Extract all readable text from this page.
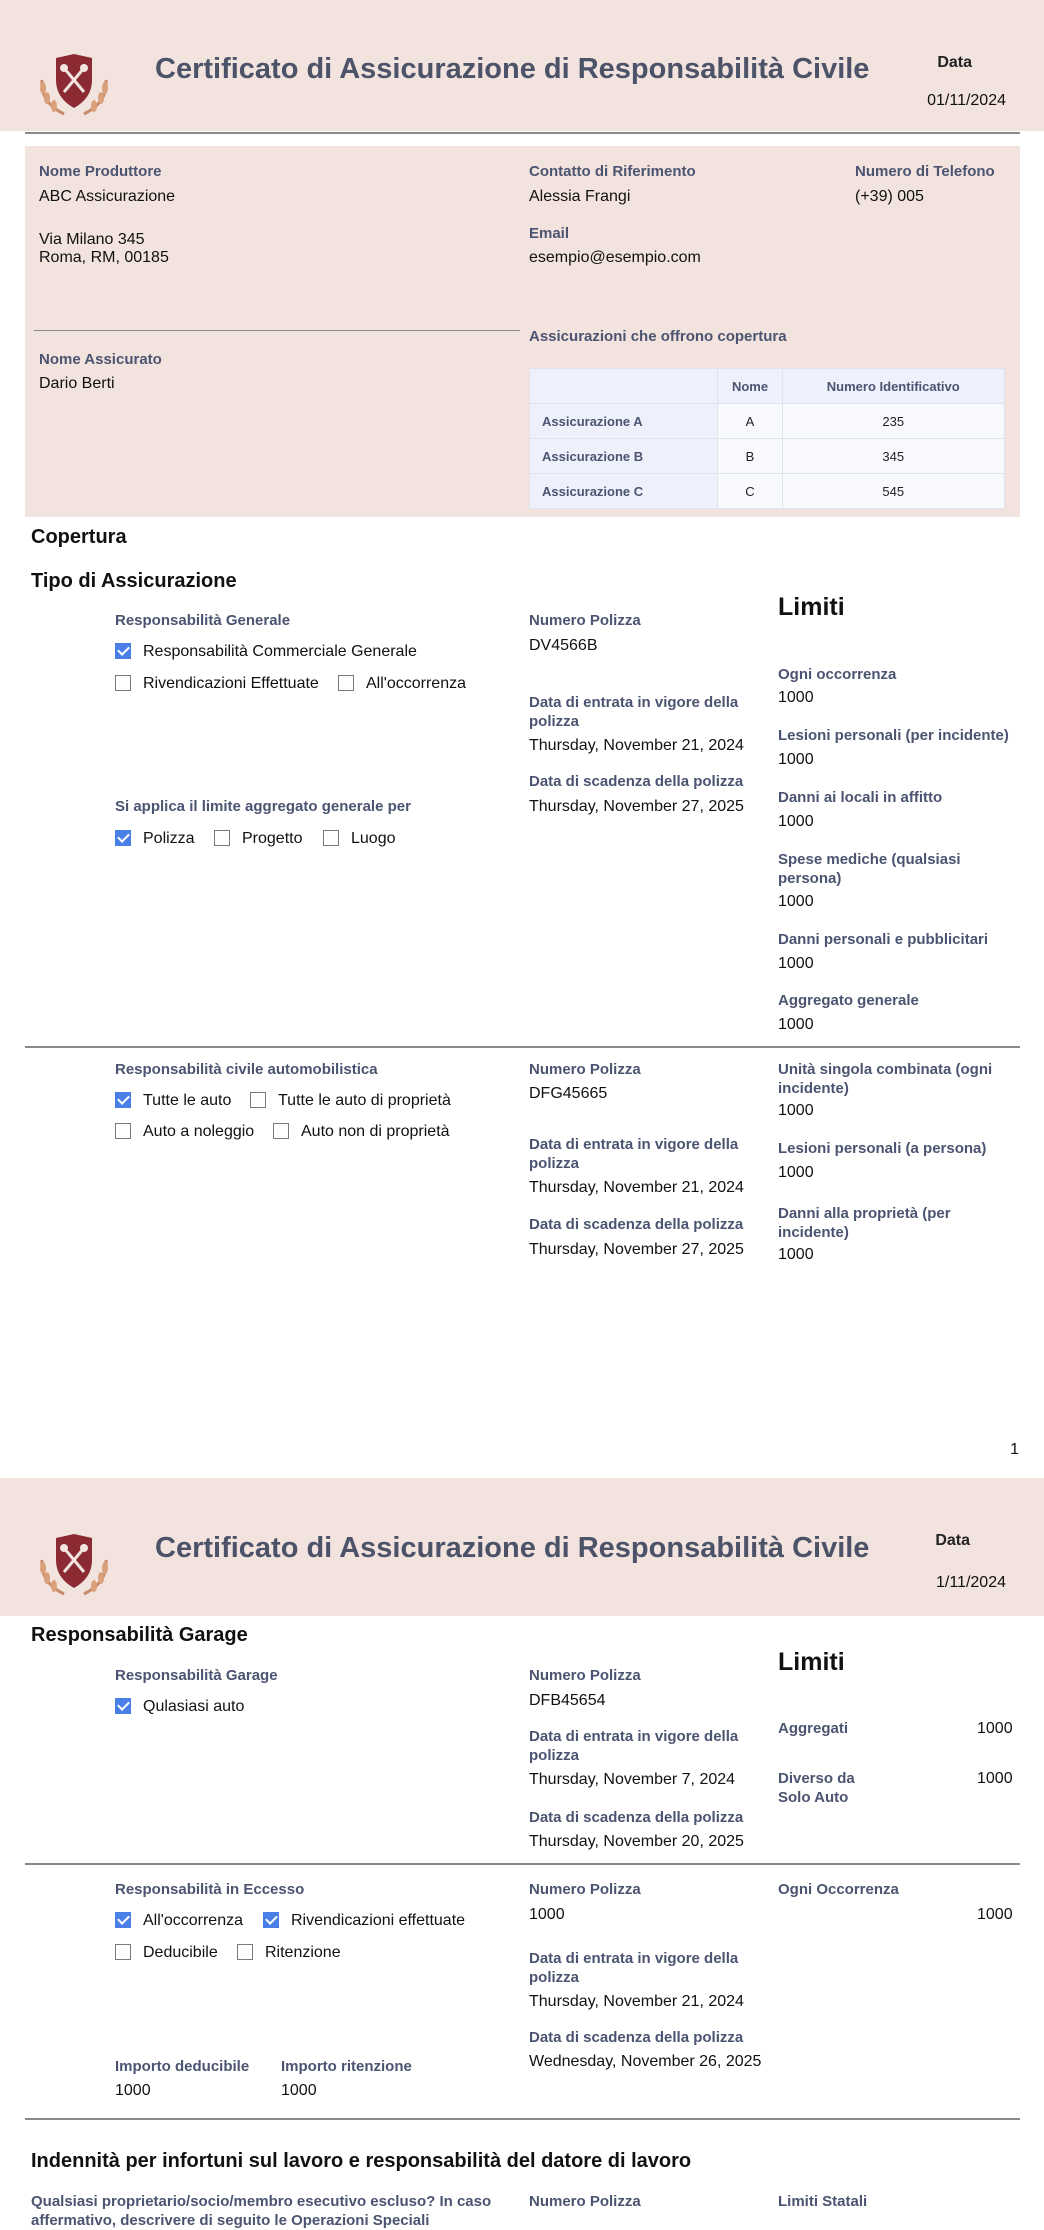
Certificato di Assicurazione di Responsabilità Civile	Data
01/11/2024
Nome Produttore
ABC Assicurazione
Via Milano 345
Roma, RM, 00185
Contatto di Riferimento
Alessia Frangi
Email
esempio@esempio.com
Numero di Telefono
(+39) 005
Nome Assicurato
Dario Berti
Assicurazioni che offrono copertura
	Nome	Numero Identificativo
Assicurazione A	A	235
Assicurazione B	B	345
Assicurazione C	C	545
Copertura
Tipo di Assicurazione
Limiti
Responsabilità Generale
Responsabilità Commerciale Generale
Rivendicazioni Effettuate	All'occorrenza
Si applica il limite aggregato generale per
Polizza	Progetto	Luogo
Numero Polizza
DV4566B
Data di entrata in vigore della polizza
Thursday, November 21, 2024
Data di scadenza della polizza
Thursday, November 27, 2025
Ogni occorrenza
1000
Lesioni personali (per incidente)
1000
Danni ai locali in affitto
1000
Spese mediche (qualsiasi persona)
1000
Danni personali e pubblicitari
1000
Aggregato generale
1000
Responsabilità civile automobilistica
Tutte le auto	Tutte le auto di proprietà
Auto a noleggio	Auto non di proprietà
Numero Polizza
DFG45665
Data di entrata in vigore della polizza
Thursday, November 21, 2024
Data di scadenza della polizza
Thursday, November 27, 2025
Unità singola combinata (ogni incidente)
1000
Lesioni personali (a persona)
1000
Danni alla proprietà (per incidente)
1000
1
Certificato di Assicurazione di Responsabilità Civile	Data
1/11/2024
Responsabilità Garage
Limiti
Responsabilità Garage
Qulasiasi auto
Numero Polizza
DFB45654
Data di entrata in vigore della polizza
Thursday, November 7, 2024
Data di scadenza della polizza
Thursday, November 20, 2025
Aggregati	1000
Diverso da Solo Auto
1000
Responsabilità in Eccesso
All'occorrenza	Rivendicazioni effettuate
Deducibile	Ritenzione
Importo deducibile
1000
Importo ritenzione
1000
Numero Polizza
1000
Data di entrata in vigore della polizza
Thursday, November 21, 2024
Data di scadenza della polizza
Wednesday, November 26, 2025
Ogni Occorrenza
1000
Indennità per infortuni sul lavoro e responsabilità del datore di lavoro
Qualsiasi proprietario/socio/membro esecutivo escluso? In caso affermativo, descrivere di seguito le Operazioni Speciali
Numero Polizza	Limiti Statali
